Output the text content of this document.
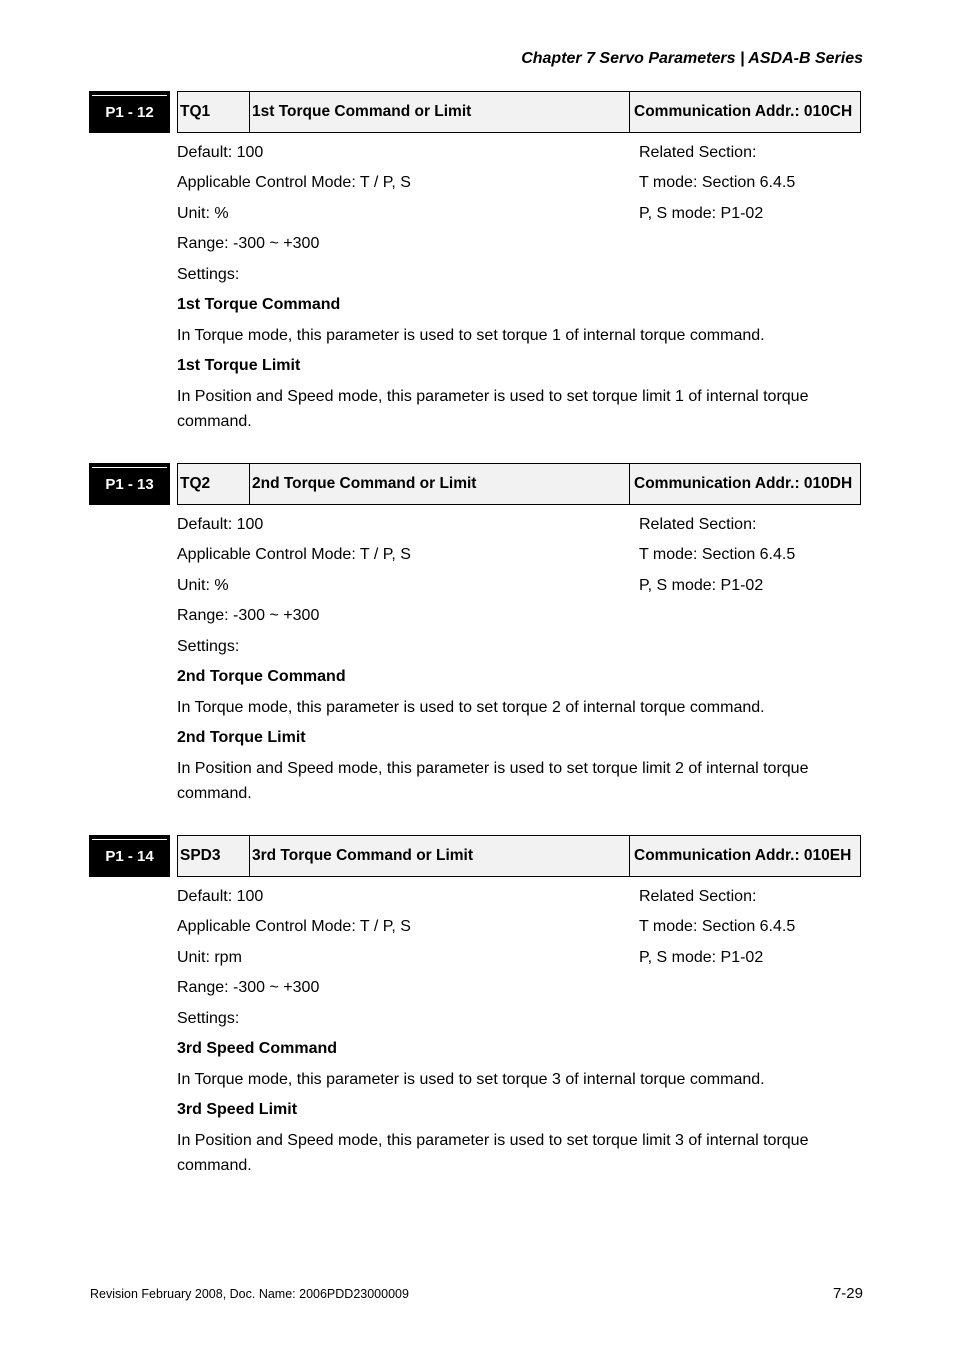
Chapter 7 Servo Parameters | ASDA-B Series
P1 - 12	TQ1	1st Torque Command or Limit	Communication Addr.: 010CH
Default: 100	Related Section:
Applicable Control Mode: T / P, S	T mode: Section 6.4.5
Unit: %	P, S mode: P1-02
Range: -300 ~ +300
Settings:
1st Torque Command
In Torque mode, this parameter is used to set torque 1 of internal torque command.
1st Torque Limit
In Position and Speed mode, this parameter is used to set torque limit 1 of internal torque command.
P1 - 13	TQ2	2nd Torque Command or Limit	Communication Addr.: 010DH
Default: 100	Related Section:
Applicable Control Mode: T / P, S	T mode: Section 6.4.5
Unit: %	P, S mode: P1-02
Range: -300 ~ +300
Settings:
2nd Torque Command
In Torque mode, this parameter is used to set torque 2 of internal torque command.
2nd Torque Limit
In Position and Speed mode, this parameter is used to set torque limit 2 of internal torque command.
P1 - 14	SPD3	3rd Torque Command or Limit	Communication Addr.: 010EH
Default: 100	Related Section:
Applicable Control Mode: T / P, S	T mode: Section 6.4.5
Unit: rpm	P, S mode: P1-02
Range: -300 ~ +300
Settings:
3rd Speed Command
In Torque mode, this parameter is used to set torque 3 of internal torque command.
3rd Speed Limit
In Position and Speed mode, this parameter is used to set torque limit 3 of internal torque command.
Revision February 2008, Doc. Name: 2006PDD23000009	7-29
